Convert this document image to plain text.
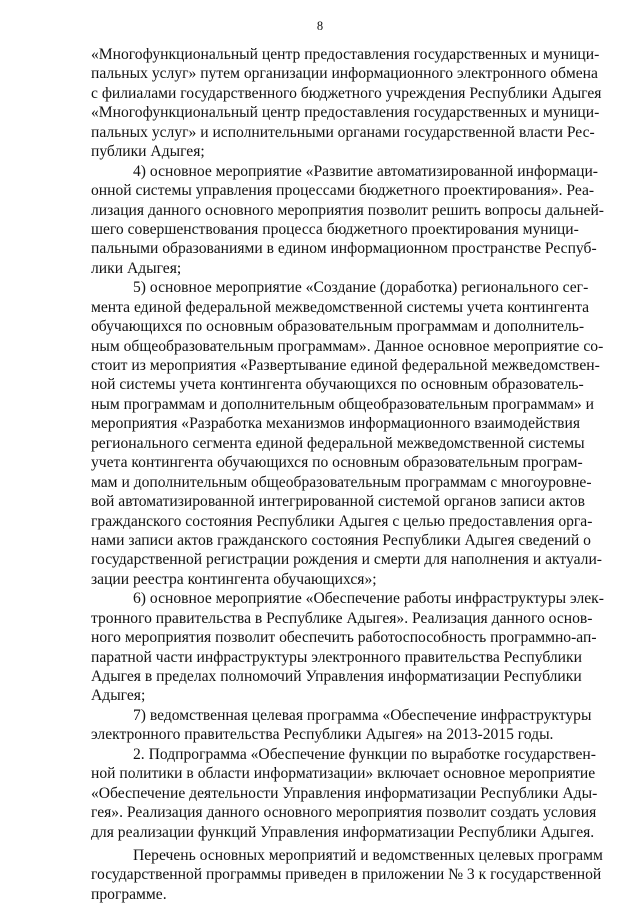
8
«Многофункциональный центр предоставления государственных и муници-
пальных услуг» путем организации информационного электронного обмена
с филиалами государственного бюджетного учреждения Республики Адыгея
«Многофункциональный центр предоставления государственных и муници-
пальных услуг» и исполнительными органами государственной власти Рес-
публики Адыгея;
4) основное мероприятие «Развитие автоматизированной информаци-
онной системы управления процессами бюджетного проектирования». Реа-
лизация данного основного мероприятия позволит решить вопросы дальней-
шего совершенствования процесса бюджетного проектирования муници-
пальными образованиями в едином информационном пространстве Респуб-
лики Адыгея;
5) основное мероприятие «Создание (доработка) регионального сег-
мента единой федеральной межведомственной системы учета контингента
обучающихся по основным образовательным программам и дополнитель-
ным общеобразовательным программам». Данное основное мероприятие со-
стоит из мероприятия «Развертывание единой федеральной межведомствен-
ной системы учета контингента обучающихся по основным образователь-
ным программам и дополнительным общеобразовательным программам» и
мероприятия «Разработка механизмов информационного взаимодействия
регионального сегмента единой федеральной межведомственной системы
учета контингента обучающихся по основным образовательным програм-
мам и дополнительным общеобразовательным программам с многоуровне-
вой автоматизированной интегрированной системой органов записи актов
гражданского состояния Республики Адыгея с целью предоставления орга-
нами записи актов гражданского состояния Республики Адыгея сведений о
государственной регистрации рождения и смерти для наполнения и актуали-
зации реестра контингента обучающихся»;
6) основное мероприятие «Обеспечение работы инфраструктуры элек-
тронного правительства в Республике Адыгея». Реализация данного основ-
ного мероприятия позволит обеспечить работоспособность программно-ап-
паратной части инфраструктуры электронного правительства Республики
Адыгея в пределах полномочий Управления информатизации Республики
Адыгея;
7) ведомственная целевая программа «Обеспечение инфраструктуры
электронного правительства Республики Адыгея» на 2013-2015 годы.
2. Подпрограмма «Обеспечение функции по выработке государствен-
ной политики в области информатизации» включает основное мероприятие
«Обеспечение деятельности Управления информатизации Республики Ады-
гея». Реализация данного основного мероприятия позволит создать условия
для реализации функций Управления информатизации Республики Адыгея.
Перечень основных мероприятий и ведомственных целевых программ
государственной программы приведен в приложении № 3 к государственной
программе.
